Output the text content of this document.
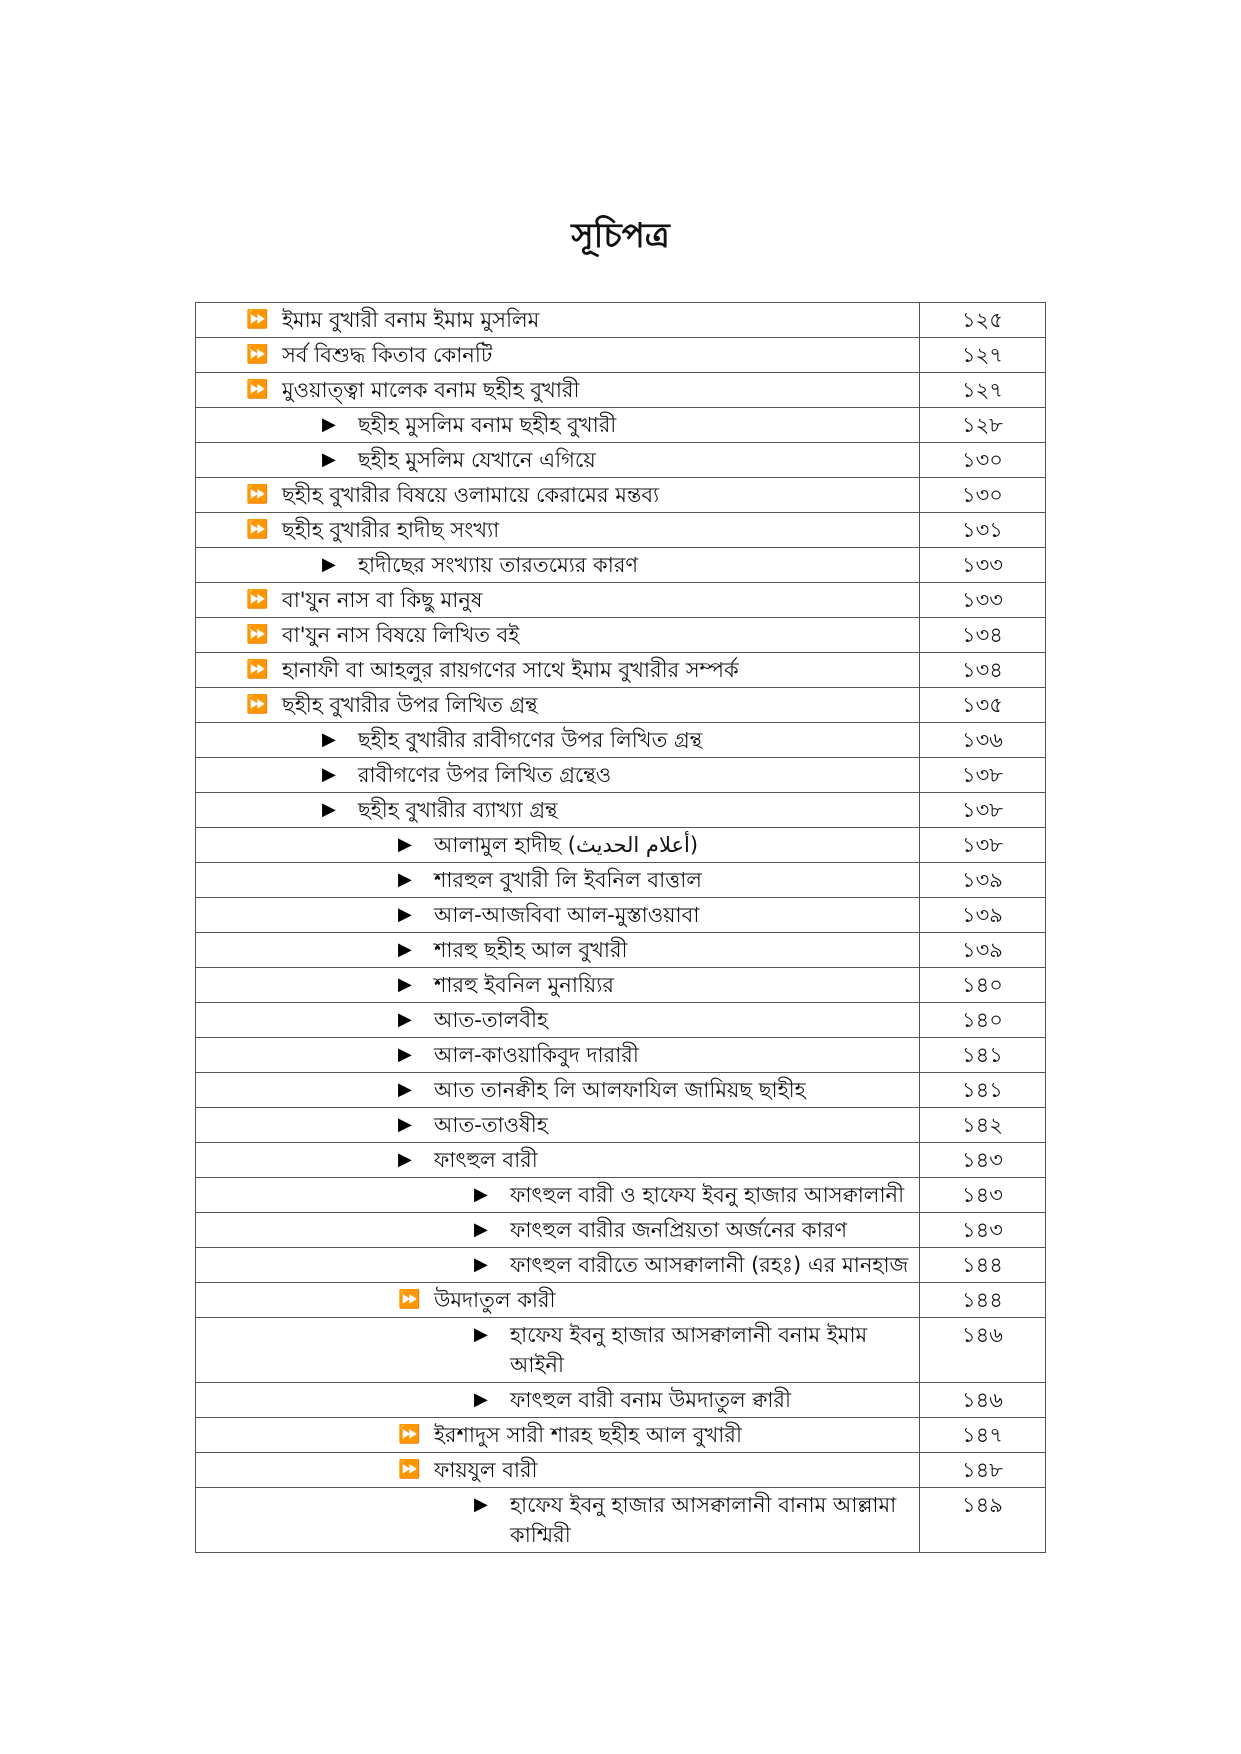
সূচিপত্র
⏩ ইমাম বুখারী বনাম ইমাম মুসলিম	১২৫

⏩ সর্ব বিশুদ্ধ কিতাব কোনটি	১২৭

⏩ মুওয়াত্ত্বা মালেক বনাম ছহীহ বুখারী	১২৭

▶ ছহীহ মুসলিম বনাম ছহীহ বুখারী	১২৮

▶ ছহীহ মুসলিম যেখানে এগিয়ে	১৩০

⏩ ছহীহ বুখারীর বিষয়ে ওলামায়ে কেরামের মন্তব্য	১৩০

⏩ ছহীহ বুখারীর হাদীছ সংখ্যা	১৩১

▶ হাদীছের সংখ্যায় তারতম্যের কারণ	১৩৩

⏩ বা'যুন নাস বা কিছু মানুষ	১৩৩

⏩ বা'যুন নাস বিষয়ে লিখিত বই	১৩৪

⏩ হানাফী বা আহলুর রায়গণের সাথে ইমাম বুখারীর সম্পর্ক	১৩৪

⏩ ছহীহ বুখারীর উপর লিখিত গ্রন্থ	১৩৫

▶ ছহীহ বুখারীর রাবীগণের উপর লিখিত গ্রন্থ	১৩৬

▶ রাবীগণের উপর লিখিত গ্রন্থেও	১৩৮

▶ ছহীহ বুখারীর ব্যাখ্যা গ্রন্থ	১৩৮

▶ আলামুল হাদীছ (أعلام الحديث)	১৩৮

▶ শারহুল বুখারী লি ইবনিল বাত্তাল	১৩৯

▶ আল-আজবিবা আল-মুস্তাওয়াবা	১৩৯

▶ শারহু ছহীহ আল বুখারী	১৩৯

▶ শারহু ইবনিল মুনায়্যির	১৪০

▶ আত-তালবীহ	১৪০

▶ আল-কাওয়াকিবুদ দারারী	১৪১

▶ আত তানক্বীহ লি আলফাযিল জামিয়ছ ছাহীহ	১৪১

▶ আত-তাওষীহ	১৪২

▶ ফাৎহুল বারী	১৪৩

▶ ফাৎহুল বারী ও হাফেয ইবনু হাজার আসক্বালানী	১৪৩

▶ ফাৎহুল বারীর জনপ্রিয়তা অর্জনের কারণ	১৪৩

▶ ফাৎহুল বারীতে আসক্বালানী (রহঃ) এর মানহাজ	১৪৪

⏩ উমদাতুল কারী	১৪৪

▶ হাফেয ইবনু হাজার আসক্বালানী বনাম ইমাম আইনী	১৪৬

▶ ফাৎহুল বারী বনাম উমদাতুল ক্বারী	১৪৬

⏩ ইরশাদুস সারী শারহ ছহীহ আল বুখারী	১৪৭

⏩ ফায়যুল বারী	১৪৮

▶ হাফেয ইবনু হাজার আসক্বালানী বানাম আল্লামা কাশ্মিরী	১৪৯
